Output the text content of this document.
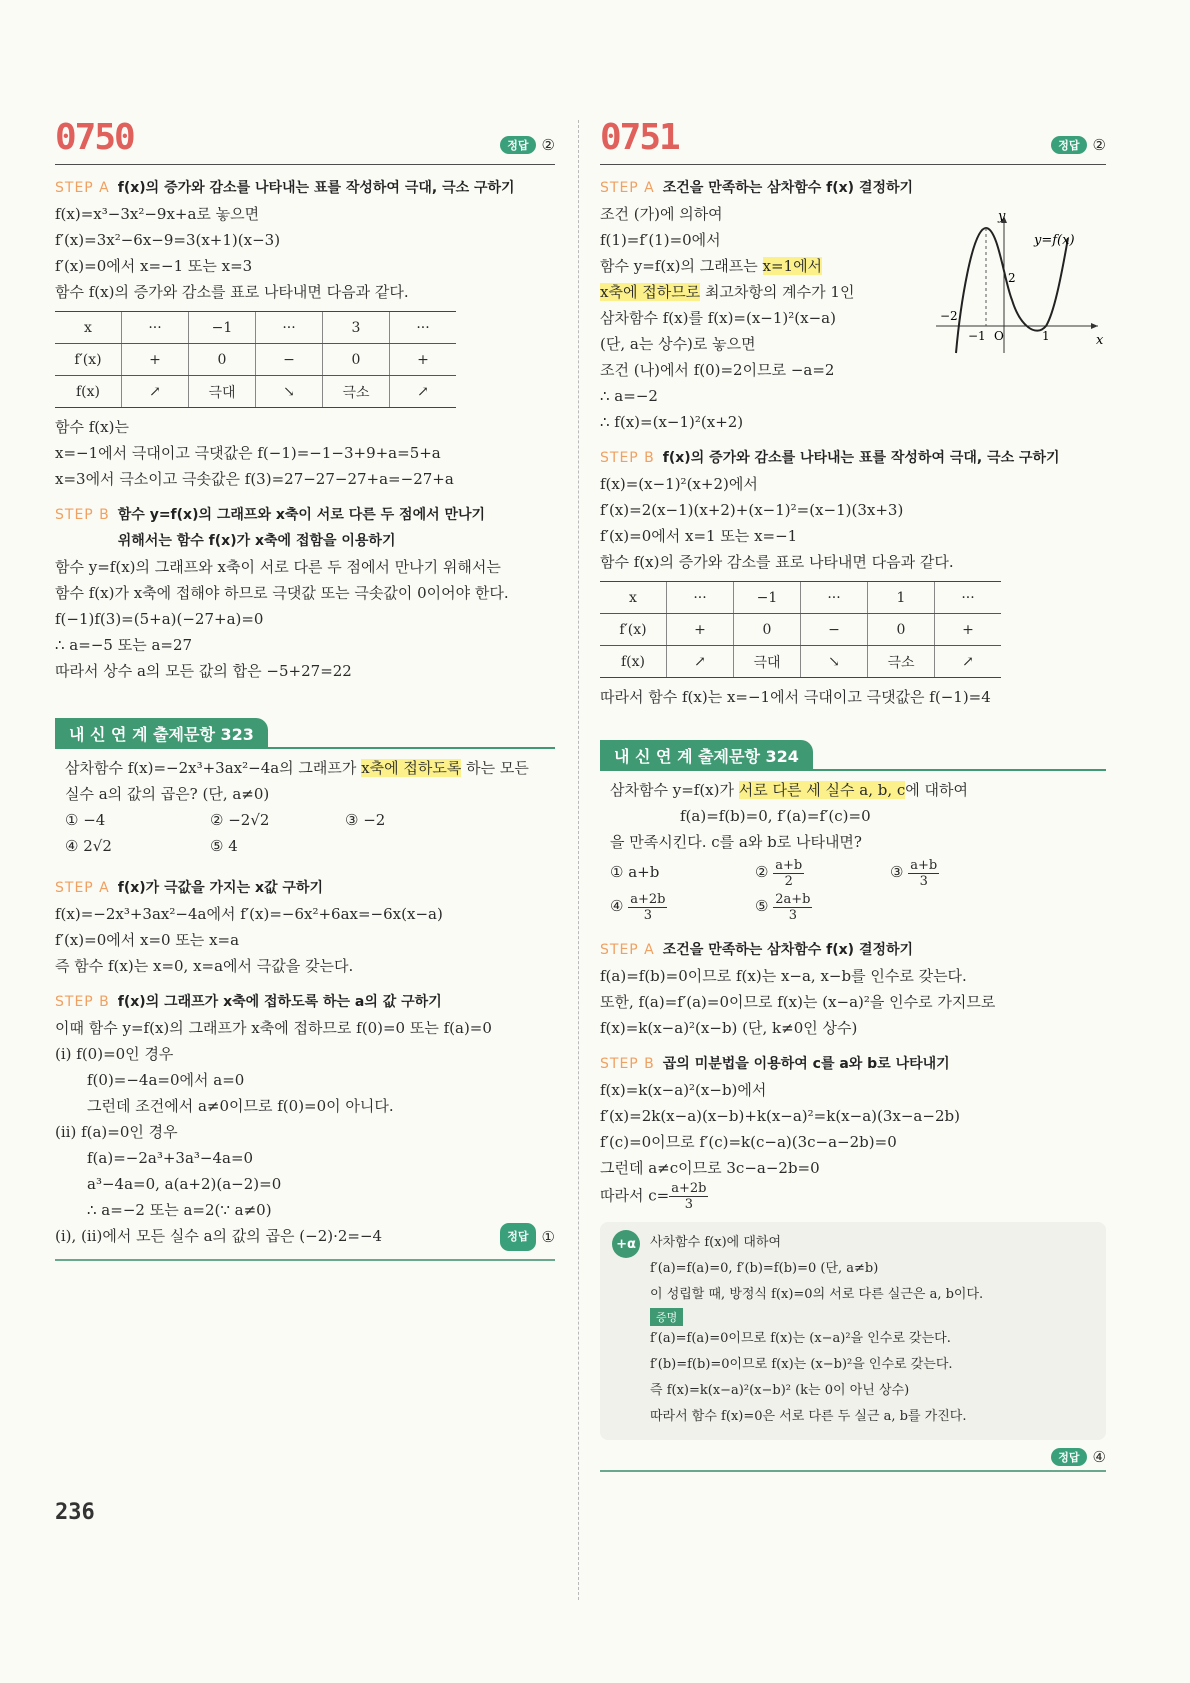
0750	정답 ②
STEP A f(x)의 증가와 감소를 나타내는 표를 작성하여 극대, 극소 구하기
f(x)=x³−3x²−9x+a로 놓으면
f′(x)=3x²−6x−9=3(x+1)(x−3)
f′(x)=0에서 x=−1 또는 x=3
함수 f(x)의 증가와 감소를 표로 나타내면 다음과 같다.
x	···	−1	···	3	···
f′(x)	+	0	−	0	+
f(x)	↗	극대	↘	극소	↗
함수 f(x)는
x=−1에서 극대이고 극댓값은 f(−1)=−1−3+9+a=5+a
x=3에서 극소이고 극솟값은 f(3)=27−27−27+a=−27+a
STEP B 함수 y=f(x)의 그래프와 x축이 서로 다른 두 점에서 만나기
위해서는 함수 f(x)가 x축에 접함을 이용하기
함수 y=f(x)의 그래프와 x축이 서로 다른 두 점에서 만나기 위해서는
함수 f(x)가 x축에 접해야 하므로 극댓값 또는 극솟값이 0이어야 한다.
f(−1)f(3)=(5+a)(−27+a)=0
∴ a=−5 또는 a=27
따라서 상수 a의 모든 값의 합은 −5+27=22
내 신 연 계 출제문항 323
삼차함수 f(x)=−2x³+3ax²−4a의 그래프가 x축에 접하도록 하는 모든
실수 a의 값의 곱은? (단, a≠0)
① −4	② −2√2	③ −2
④ 2√2	⑤ 4
STEP A f(x)가 극값을 가지는 x값 구하기
f(x)=−2x³+3ax²−4a에서 f′(x)=−6x²+6ax=−6x(x−a)
f′(x)=0에서 x=0 또는 x=a
즉 함수 f(x)는 x=0, x=a에서 극값을 갖는다.
STEP B f(x)의 그래프가 x축에 접하도록 하는 a의 값 구하기
이때 함수 y=f(x)의 그래프가 x축에 접하므로 f(0)=0 또는 f(a)=0
(ⅰ) f(0)=0인 경우
f(0)=−4a=0에서 a=0
그런데 조건에서 a≠0이므로 f(0)=0이 아니다.
(ⅱ) f(a)=0인 경우
f(a)=−2a³+3a³−4a=0
a³−4a=0, a(a+2)(a−2)=0
∴ a=−2 또는 a=2(∵ a≠0)
(ⅰ), (ⅱ)에서 모든 실수 a의 값의 곱은 (−2)·2=−4	정답 ①
0751	정답 ②
y
x
y=f(x)
2
−2
−1 O	1
STEP A 조건을 만족하는 삼차함수 f(x) 결정하기
조건 (가)에 의하여
f(1)=f′(1)=0에서
함수 y=f(x)의 그래프는 x=1에서
x축에 접하므로 최고차항의 계수가 1인
삼차함수 f(x)를 f(x)=(x−1)²(x−a)
(단, a는 상수)로 놓으면
조건 (나)에서 f(0)=2이므로 −a=2
∴ a=−2
∴ f(x)=(x−1)²(x+2)
STEP B f(x)의 증가와 감소를 나타내는 표를 작성하여 극대, 극소 구하기
f(x)=(x−1)²(x+2)에서
f′(x)=2(x−1)(x+2)+(x−1)²=(x−1)(3x+3)
f′(x)=0에서 x=1 또는 x=−1
함수 f(x)의 증가와 감소를 표로 나타내면 다음과 같다.
x	···	−1	···	1	···
f′(x)	+	0	−	0	+
f(x)	↗	극대	↘	극소	↗
따라서 함수 f(x)는 x=−1에서 극대이고 극댓값은 f(−1)=4
내 신 연 계 출제문항 324
삼차함수 y=f(x)가 서로 다른 세 실수 a, b, c에 대하여
f(a)=f(b)=0, f′(a)=f′(c)=0
을 만족시킨다. c를 a와 b로 나타내면?
① a+b	② $\frac{a+b}{2}$	③ $\frac{a+b}{3}$
④ $\frac{a+2b}{3}$	⑤ $\frac{2a+b}{3}$
STEP A 조건을 만족하는 삼차함수 f(x) 결정하기
f(a)=f(b)=0이므로 f(x)는 x−a, x−b를 인수로 갖는다.
또한, f(a)=f′(a)=0이므로 f(x)는 (x−a)²을 인수로 가지므로
f(x)=k(x−a)²(x−b) (단, k≠0인 상수)
STEP B 곱의 미분법을 이용하여 c를 a와 b로 나타내기
f(x)=k(x−a)²(x−b)에서
f′(x)=2k(x−a)(x−b)+k(x−a)²=k(x−a)(3x−a−2b)
f′(c)=0이므로 f′(c)=k(c−a)(3c−a−2b)=0
그런데 a≠c이므로 3c−a−2b=0
따라서 $c= \frac{a+2b}{3}$
+α	사차함수 f(x)에 대하여
f′(a)=f(a)=0, f′(b)=f(b)=0 (단, a≠b)
이 성립할 때, 방정식 f(x)=0의 서로 다른 실근은 a, b이다.
증명
f′(a)=f(a)=0이므로 f(x)는 (x−a)²을 인수로 갖는다.
f′(b)=f(b)=0이므로 f(x)는 (x−b)²을 인수로 갖는다.
즉 f(x)=k(x−a)²(x−b)² (k는 0이 아닌 상수)
따라서 함수 f(x)=0은 서로 다른 두 실근 a, b를 가진다.
정답 ④
236
